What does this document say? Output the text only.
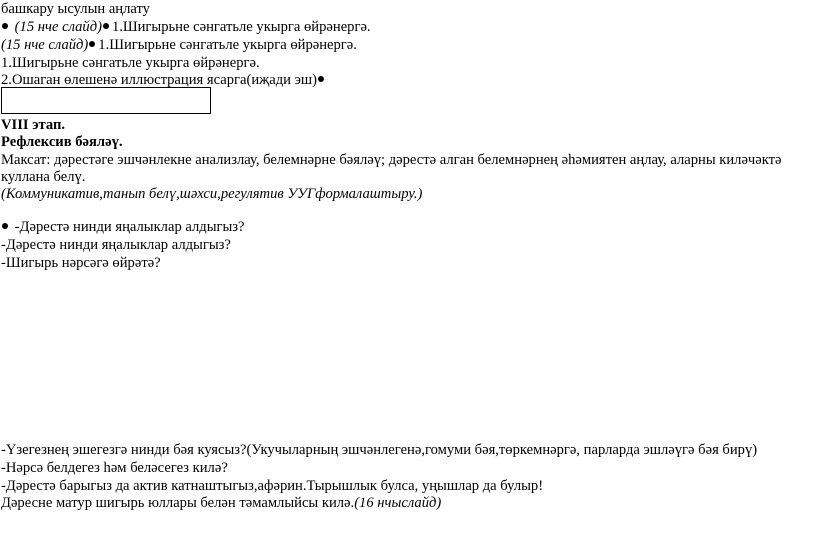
башкару ысулын аңлату
(15 нче слайд) 1.Шигырьне сәнгатьле укырга өйрәнергә.
(15 нче слайд) 1.Шигырьне сәнгатьле укырга өйрәнергә.
1.Шигырьне сәнгатьле укырга өйрәнергә.
2.Ошаган өлешенә иллюстрация ясарга(иҗади эш)
VIII этап.
Рефлексив бәяләү.
Максат: дәрестәге эшчәнлекне анализлау, белемнәрне бәяләү; дәрестә алган белемнәрнең әһәмиятен аңлау, аларны киләчәктә кулланa белү.
(Коммуникатив,танып белү,шәхси,регулятив УУГформалаштыру.)
-Дәрестә нинди яңалыклар алдыгыз?
-Дәрестә нинди яңалыклар алдыгыз?
-Шигырь нәрсәгә өйрәтә?
-Үзегезнең эшегезгә нинди бәя куясыз?(Укучыларның эшчәнлегенә,гомуми бәя,төркемнәргә, парларда эшләүгә бәя бирү)
-Нәрсә белдегез һәм беләсегез килә?
-Дәрестә барыгыз да актив катнаштыгыз,афәрин.Тырышлык булса, уңышлар да булыр!
Дәресне матур шигырь юллары белән тәмамлыйсы килә.(16 нчыслайд)
